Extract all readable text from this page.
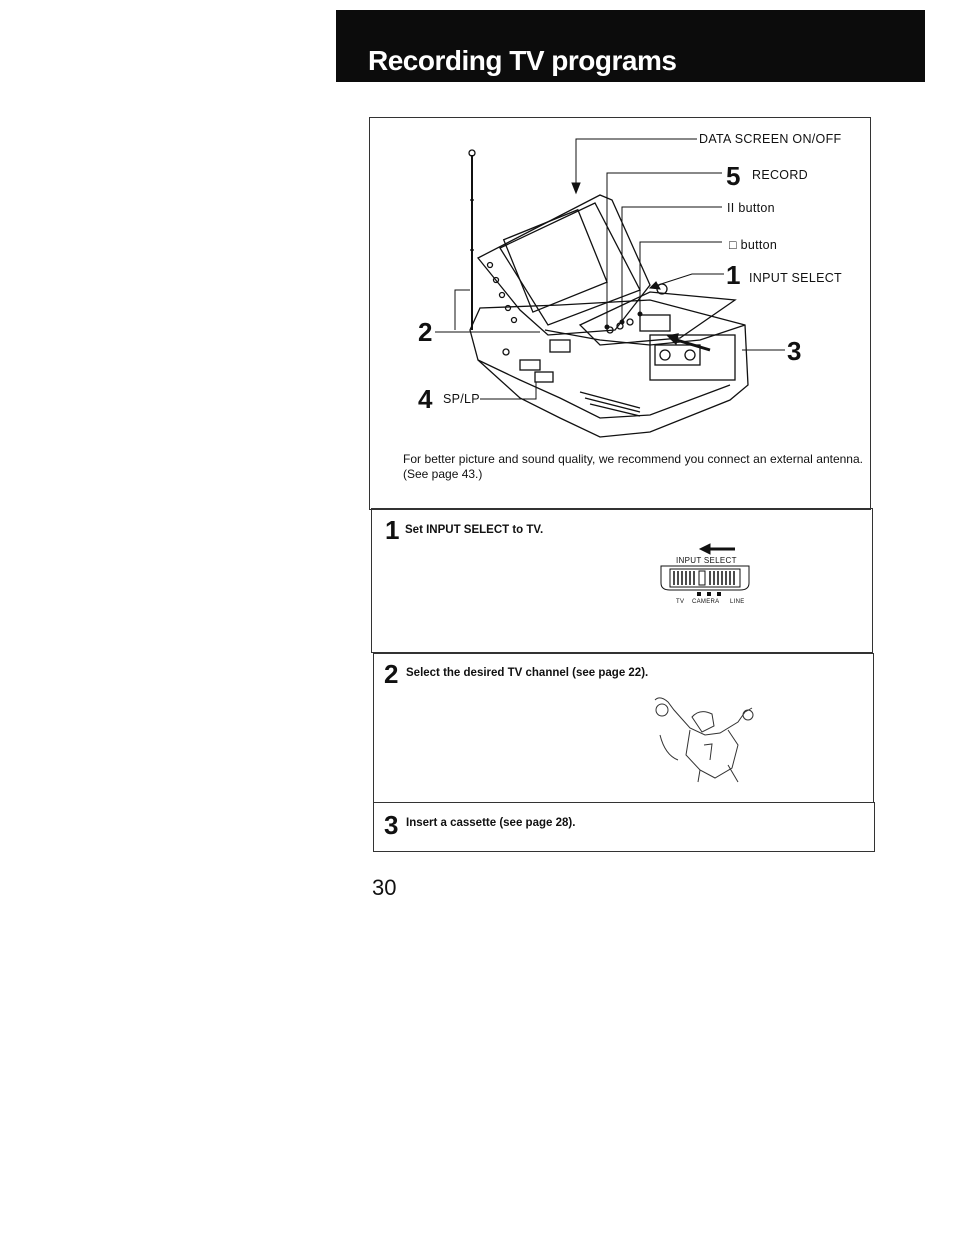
Recording TV programs
DATA SCREEN ON/OFF
5 RECORD
II button
□ button
1 INPUT SELECT
2
3
4 SP/LP
For better picture and sound quality, we recommend you connect an external antenna. (See page 43.)
1 Set INPUT SELECT to TV.
INPUT SELECT
TV CAMERA LINE
2 Select the desired TV channel (see page 22).
3 Insert a cassette (see page 28).
30
